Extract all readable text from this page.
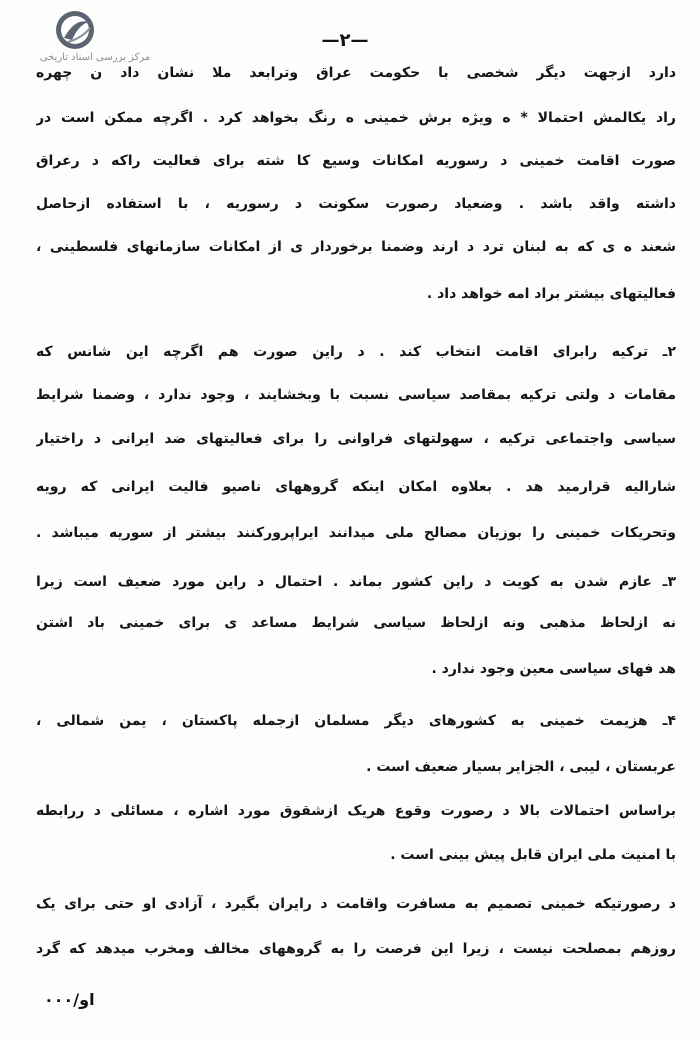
مرکز بررسی اسناد تاریخی
—۲—
دارد ازجهت دیگر شخصی با حکومت عراق وترابعد ملا نشان داد ن چهره
راد یکالمش احتمالا * ه ویژه برش خمینی ه رنگ بخواهد کرد . اگرچه ممکن است در
صورت اقامت خمینی د رسوریه امکانات وسیع کا شته برای فعالیت راکه د رعراق
داشته واقد باشد . وضعیاد رصورت سکونت د رسوریه ، با استفاده ازحاصل
شعند ه ی که به لبنان ترد د ارند وضمنا برخوردار ی از امکانات سازمانهای فلسطینی ،
فعالیتهای بیشتر براد امه خواهد داد .
۲ـ ترکیه رابرای اقامت انتخاب کند . د راین صورت هم اگرچه این شانس که
مقامات د ولتی ترکیه بمقاصد سیاسی نسبت با وبخشایند ، وجود ندارد ، وضمنا شرایط
سیاسی واجتماعی ترکیه ، سهولتهای فراوانی را برای فعالیتهای ضد ایرانی د راختیار
شاراليه قرارميد هد . بعلاوه امكان اينكه گروههای ناصیو فالیت ایرانی که رویه
وتحریکات خمینی را بوزیان مصالح ملی میدانند ایراپرورکنند بیشتر از سوریه میباشد .
۳ـ عازم شدن به کویت د راین کشور بماند . احتمال د راین مورد ضعیف است زیرا
نه ازلحاظ مذهبی ونه ازلحاظ سیاسی شرایط مساعد ی برای خمینی باد اشتن
هد فهای سیاسی معین وجود ندارد .
۴ـ هزیمت خمینی به کشورهای دیگر مسلمان ازجمله پاکستان ، یمن شمالی ،
عربستان ، لیبی ، الجزایر بسیار ضعیف است .
براساس احتمالات بالا د رصورت وقوع هریک ازشقوق مورد اشاره ، مسائلی د ررابطه
با امنیت ملی ایران قابل پیش بینی است .
د رصورتیکه خمینی تصمیم به مسافرت واقامت د رایران بگیرد ، آزادی او حتی برای یک
روزهم بمصلحت نیست ، زیرا این فرصت را به گروههای مخالف ومخرب میدهد که گرد
او/۰۰۰
